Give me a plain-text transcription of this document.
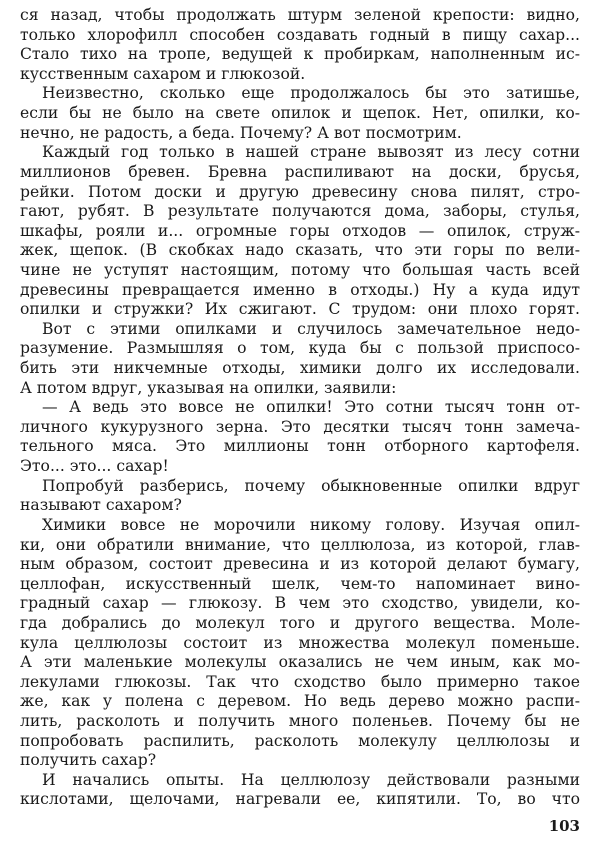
ся назад, чтобы продолжать штурм зеленой крепости: видно,
только хлорофилл способен создавать годный в пищу сахар...
Стало тихо на тропе, ведущей к пробиркам, наполненным ис-
кусственным сахаром и глюкозой.
Неизвестно, сколько еще продолжалось бы это затишье,
если бы не было на свете опилок и щепок. Нет, опилки, ко-
нечно, не радость, а беда. Почему? А вот посмотрим.
Каждый год только в нашей стране вывозят из лесу сотни
миллионов бревен. Бревна распиливают на доски, брусья,
рейки. Потом доски и другую древесину снова пилят, стро-
гают, рубят. В результате получаются дома, заборы, стулья,
шкафы, рояли и... огромные горы отходов — опилок, струж-
жек, щепок. (В скобках надо сказать, что эти горы по вели-
чине не уступят настоящим, потому что большая часть всей
древесины превращается именно в отходы.) Ну а куда идут
опилки и стружки? Их сжигают. С трудом: они плохо горят.
Вот с этими опилками и случилось замечательное недо-
разумение. Размышляя о том, куда бы с пользой приспосо-
бить эти никчемные отходы, химики долго их исследовали.
А потом вдруг, указывая на опилки, заявили:
— А ведь это вовсе не опилки! Это сотни тысяч тонн от-
личного кукурузного зерна. Это десятки тысяч тонн замеча-
тельного мяса. Это миллионы тонн отборного картофеля.
Это... это... сахар!
Попробуй разберись, почему обыкновенные опилки вдруг
называют сахаром?
Химики вовсе не морочили никому голову. Изучая опил-
ки, они обратили внимание, что целлюлоза, из которой, глав-
ным образом, состоит древесина и из которой делают бумагу,
целлофан, искусственный шелк, чем-то напоминает вино-
градный сахар — глюкозу. В чем это сходство, увидели, ко-
гда добрались до молекул того и другого вещества. Моле-
кула целлюлозы состоит из множества молекул поменьше.
А эти маленькие молекулы оказались не чем иным, как мо-
лекулами глюкозы. Так что сходство было примерно такое
же, как у полена с деревом. Но ведь дерево можно распи-
лить, расколоть и получить много поленьев. Почему бы не
попробовать распилить, расколоть молекулу целлюлозы и
получить сахар?
И начались опыты. На целлюлозу действовали разными
кислотами, щелочами, нагревали ее, кипятили. То, во что
103
